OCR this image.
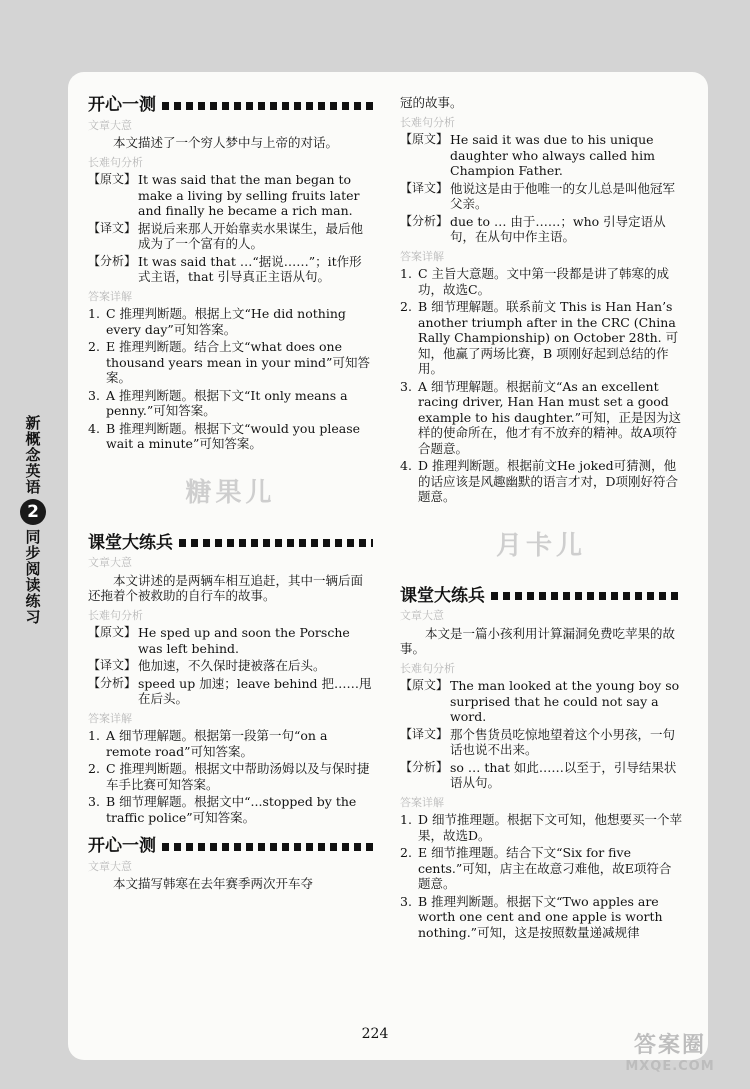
新概念英语
2
同步阅读练习
开心一测
文章大意

本文描述了一个穷人梦中与上帝的对话。

长难句分析
【原文】 It was said that the man began to make a living by selling fruits later and finally he became a rich man.
【译文】 据说后来那人开始靠卖水果谋生，最后他成为了一个富有的人。
【分析】 It was said that …“据说……”；it作形式主语，that 引导真正主语从句。
答案详解
1. C 推理判断题。根据上文“He did nothing every day”可知答案。
2. E 推理判断题。结合上文“what does one thousand years mean in your mind”可知答案。
3. A 推理判断题。根据下文“It only means a penny.”可知答案。
4. B 推理判断题。根据下文“would you please wait a minute”可知答案。
糖果儿
课堂大练兵
文章大意

本文讲述的是两辆车相互追赶，其中一辆后面还拖着个被救助的自行车的故事。

长难句分析
【原文】 He sped up and soon the Porsche was left behind.
【译文】 他加速，不久保时捷被落在后头。
【分析】 speed up 加速；leave behind 把……甩在后头。
答案详解
1. A 细节理解题。根据第一段第一句“on a remote road”可知答案。
2. C 推理判断题。根据文中帮助汤姆以及与保时捷车手比赛可知答案。
3. B 细节理解题。根据文中“...stopped by the traffic police”可知答案。
开心一测
文章大意

本文描写韩寒在去年赛季两次开车夺

冠的故事。

长难句分析
【原文】 He said it was due to his unique daughter who always called him Champion Father.
【译文】 他说这是由于他唯一的女儿总是叫他冠军父亲。
【分析】 due to … 由于……；who 引导定语从句，在从句中作主语。
答案详解
1. C 主旨大意题。文中第一段都是讲了韩寒的成功，故选C。
2. B 细节理解题。联系前文 This is Han Han’s another triumph after in the CRC (China Rally Championship) on October 28th. 可知，他赢了两场比赛，B 项刚好起到总结的作用。
3. A 细节理解题。根据前文“As an excellent racing driver, Han Han must set a good example to his daughter.”可知，正是因为这样的使命所在，他才有不放弃的精神。故A项符合题意。
4. D 推理判断题。根据前文He joked可猜测，他的话应该是风趣幽默的语言才对，D项刚好符合题意。
月卡儿
课堂大练兵
文章大意

本文是一篇小孩利用计算漏洞免费吃苹果的故事。

长难句分析
【原文】 The man looked at the young boy so surprised that he could not say a word.
【译文】 那个售货员吃惊地望着这个小男孩，一句话也说不出来。
【分析】 so … that 如此……以至于，引导结果状语从句。
答案详解
1. D 细节推理题。根据下文可知，他想要买一个苹果，故选D。
2. E 细节推理题。结合下文“Six for five cents.”可知，店主在故意刁难他，故E项符合题意。
3. B 推理判断题。根据下文“Two apples are worth one cent and one apple is worth nothing.”可知，这是按照数量递减规律
224	答案圈
MXQE.COM
